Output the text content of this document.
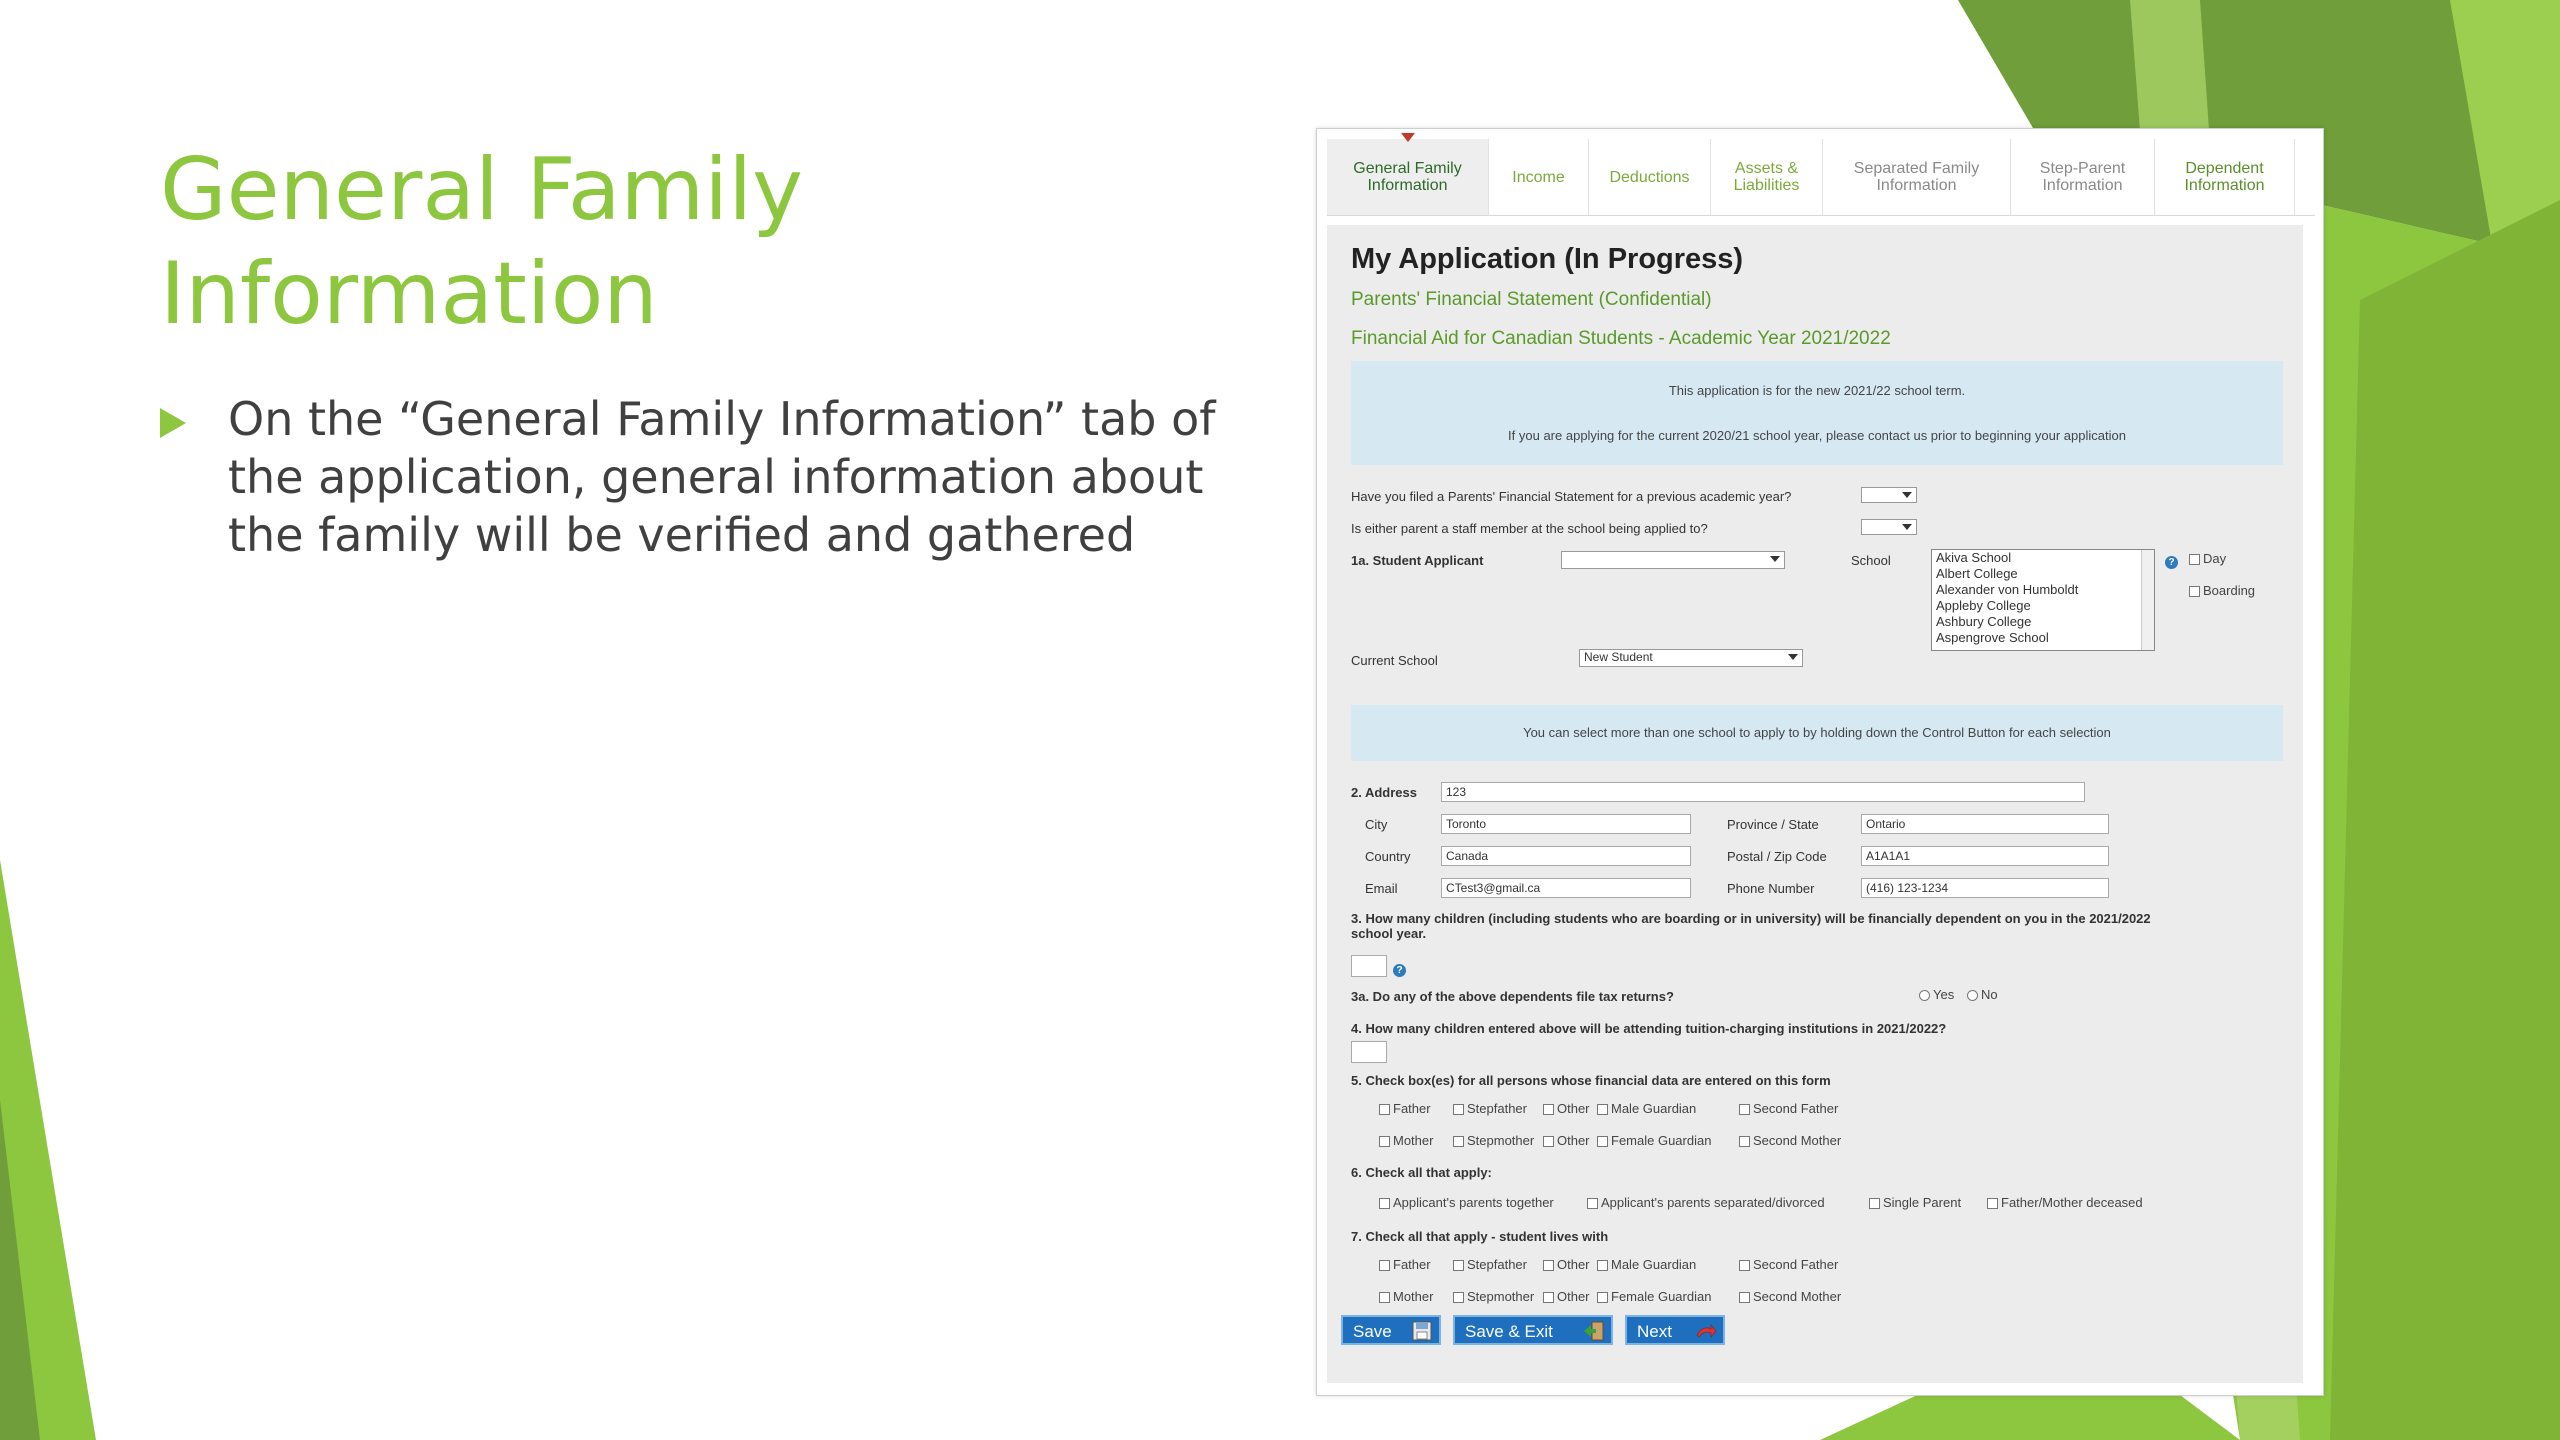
General Family
Information
On the “General Family Information” tab of the application, general information about the family will be verified and gathered
General Family
Information	Income	Deductions	Assets &
Liabilities
Separated Family
Information
Step-Parent
Information
Dependent
Information
My Application (In Progress)
Parents' Financial Statement (Confidential)
Financial Aid for Canadian Students - Academic Year 2021/2022
This application is for the new 2021/22 school term.
If you are applying for the current 2020/21 school year, please contact us prior to beginning your application
Have you filed a Parents' Financial Statement for a previous academic year?
Is either parent a staff member at the school being applied to?
1a. Student Applicant	School	Akiva School
Albert College
Alexander von Humboldt
Appleby College
Ashbury College
Aspengrove School
?	Day
Boarding
Current School	New Student
You can select more than one school to apply to by holding down the Control Button for each selection
2. Address	123
City	Toronto	Province / State	Ontario
Country	Canada	Postal / Zip Code	A1A1A1
Email	CTest3@gmail.ca	Phone Number	(416) 123-1234
3. How many children (including students who are boarding or in university) will be financially dependent on you in the 2021/2022
school year.
?
3a. Do any of the above dependents file tax returns?	Yes	No
4. How many children entered above will be attending tuition-charging institutions in 2021/2022?
5. Check box(es) for all persons whose financial data are entered on this form
Father	Stepfather	Other	Male Guardian	Second Father
Mother	Stepmother	Other	Female Guardian	Second Mother
6. Check all that apply:
Applicant's parents together	Applicant's parents separated/divorced	Single Parent	Father/Mother deceased
7. Check all that apply - student lives with
Father	Stepfather	Other	Male Guardian	Second Father
Mother	Stepmother	Other	Female Guardian	Second Mother
Save	Save & Exit	Next
